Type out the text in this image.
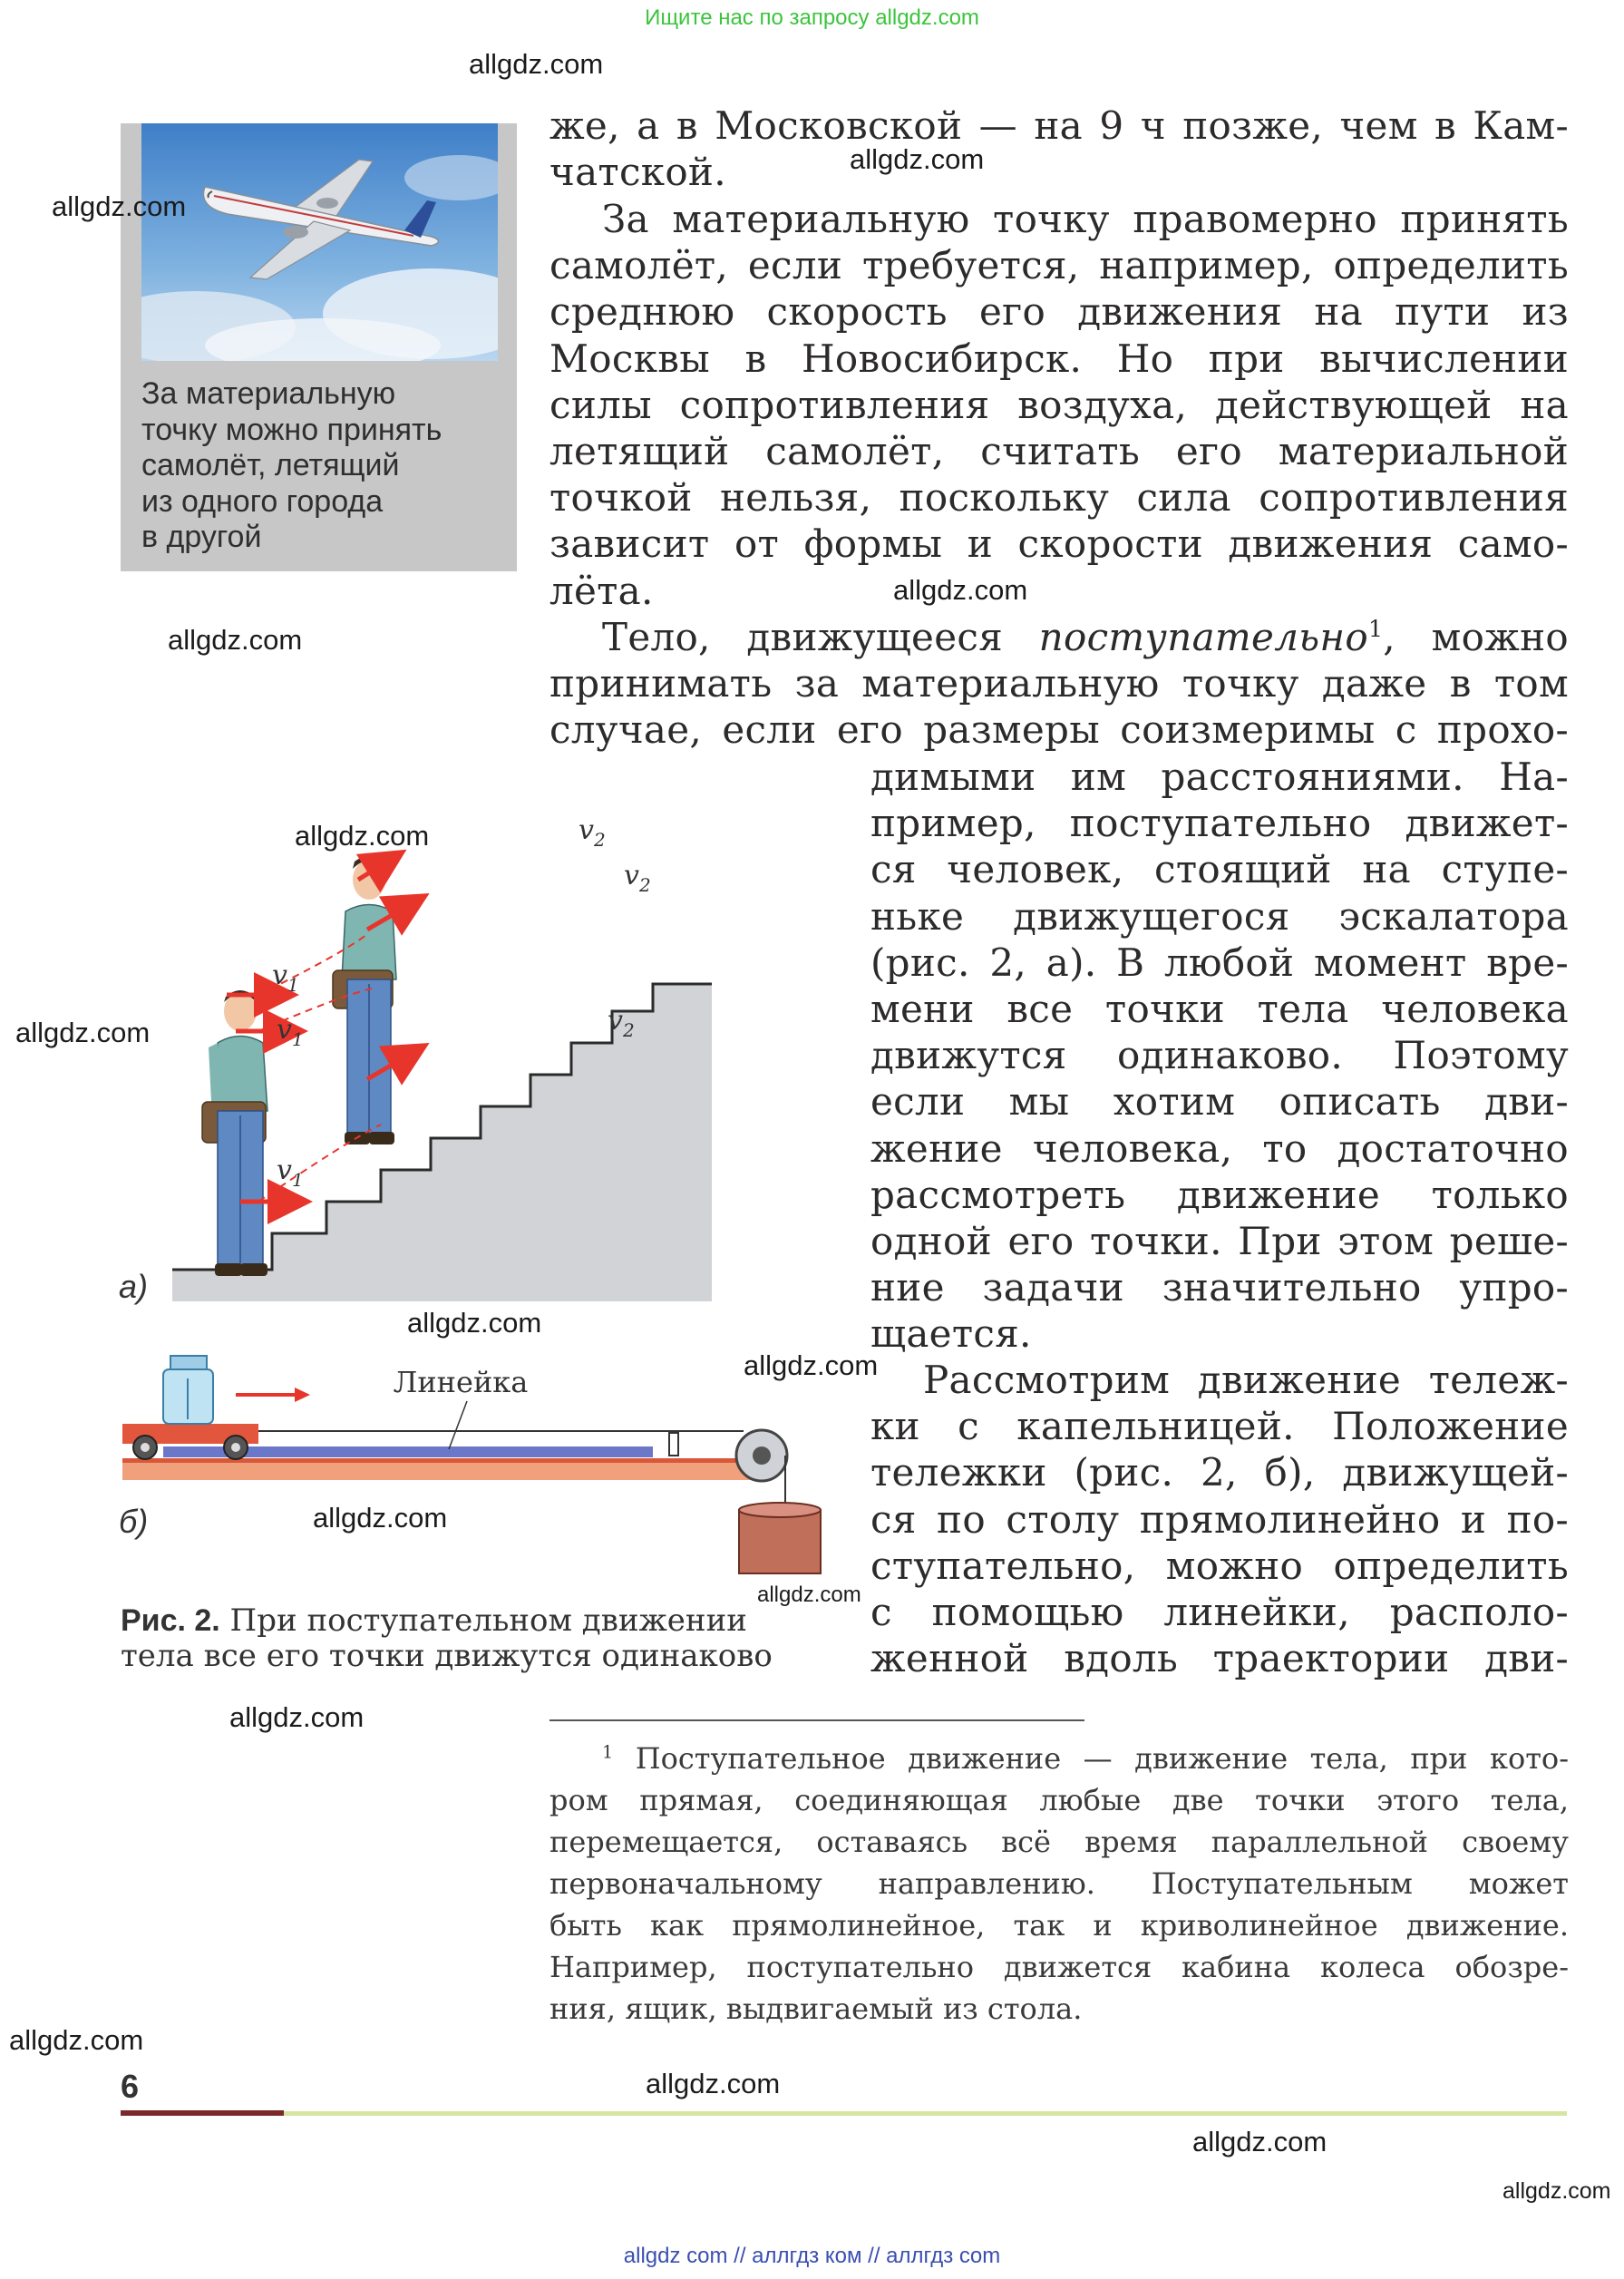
Ищите нас по запросу allgdz.com
allgdz com // аллгдз ком // аллгдз com
За материальную
точку можно принять
самолёт, летящий
из одного города
в другой
же, а в Московской — на 9 ч позже, чем в Кам-
чатской.
За материальную точку правомерно принять
самолёт, если требуется, например, определить
среднюю скорость его движения на пути из
Москвы в Новосибирск. Но при вычислении
силы сопротивления воздуха, действующей на
летящий самолёт, считать его материальной
точкой нельзя, поскольку сила сопротивления
зависит от формы и скорости движения само-
лёта.
Тело, движущееся поступательно$^1$, можно
принимать за материальную точку даже в том
случае, если его размеры соизмеримы с прохо-
димыми им расстояниями. На-
пример, поступательно движет-
ся человек, стоящий на ступе-
ньке движущегося эскалатора
(рис. 2, а). В любой момент вре-
мени все точки тела человека
движутся одинаково. Поэтому
если мы хотим описать дви-
жение человека, то достаточно
рассмотреть движение только
одной его точки. При этом реше-
ние задачи значительно упро-
щается.
Рассмотрим движение тележ-
ки с капельницей. Положение
тележки (рис. 2, б), движущей-
ся по столу прямолинейно и по-
ступательно, можно определить
с помощью линейки, располо-
женной вдоль траектории дви-
$v_1$
$v_1$
$v_1$
$v_2$
$v_2$
$v_2$
а)
Линейка
б)
Рис. 2. При поступательном движении
тела все его точки движутся одинаково
$^1$ Поступательное движение — движение тела, при кото-
ром прямая, соединяющая любые две точки этого тела,
перемещается, оставаясь всё время параллельной своему
первоначальному направлению. Поступательным может
быть как прямолинейное, так и криволинейное движение.
Например, поступательно движется кабина колеса обозре-
ния, ящик, выдвигаемый из стола.
6
allgdz.com
allgdz.com
allgdz.com
allgdz.com
allgdz.com
allgdz.com
allgdz.com
allgdz.com
allgdz.com
allgdz.com
allgdz.com
allgdz.com
allgdz.com
allgdz.com
allgdz.com
allgdz.com
